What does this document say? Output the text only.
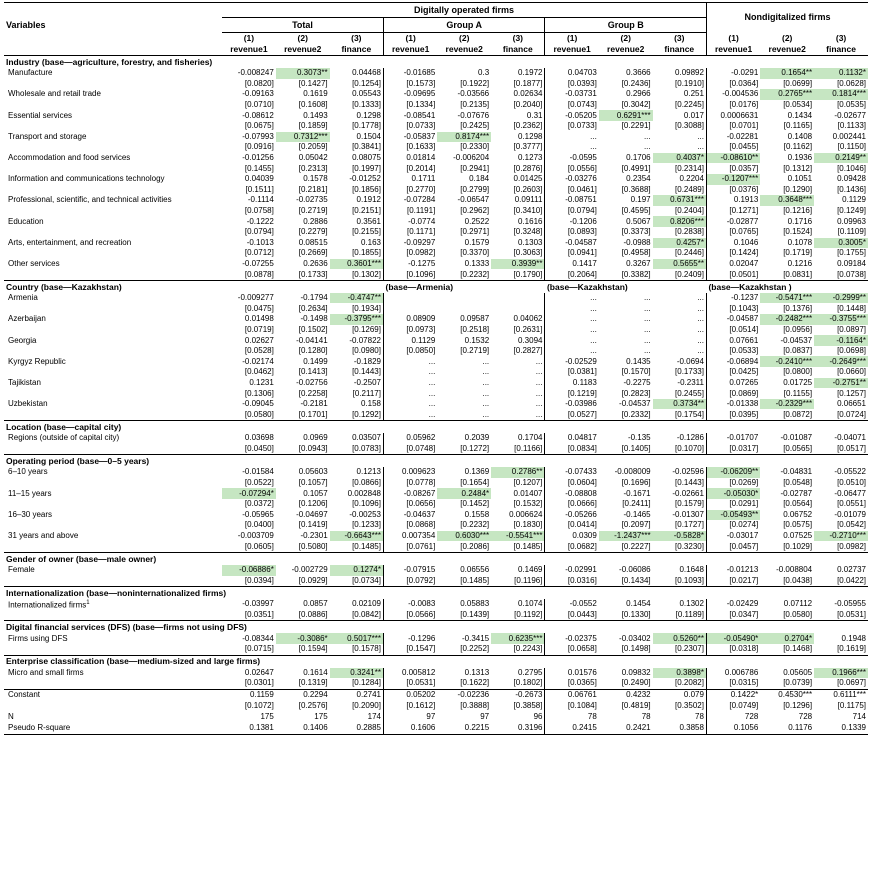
	Digitally operated firms									Nondigitalized firms		
Variables	Total			Group A			Group B					
	(1)	(2)	(3)	(1)	(2)	(3)	(1)	(2)	(3)	(1)	(2)	(3)
	revenue1	revenue2	finance	revenue1	revenue2	finance	revenue1	revenue2	finance	revenue1	revenue2	finance
Industry (base—agriculture, forestry, and fisheries)												
Manufacture	-0.008247	0.3073**	0.04468	-0.01685	0.3	0.1972	0.04703	0.3666	0.09892	-0.0291	0.1654**	0.1132*
	[0.0820]	[0.1427]	[0.1254]	[0.1573]	[0.1922]	[0.1877]	[0.0393]	[0.2436]	[0.1910]	[0.0364]	[0.0699]	[0.0628]
Wholesale and retail trade	-0.09163	0.1619	0.05543	-0.09695	-0.03566	0.02634	-0.03731	0.2966	0.251	-0.004536	0.2765***	0.1814***
	[0.0710]	[0.1608]	[0.1333]	[0.1334]	[0.2135]	[0.2040]	[0.0743]	[0.3042]	[0.2245]	[0.0176]	[0.0534]	[0.0535]
Essential services	-0.08612	0.1493	0.1298	-0.08541	-0.07676	0.31	-0.05205	0.6291***	0.017	0.0006631	0.1434	-0.02677
	[0.0675]	[0.1859]	[0.1778]	[0.0733]	[0.2425]	[0.2362]	[0.0733]	[0.2291]	[0.3088]	[0.0701]	[0.1165]	[0.1133]
Transport and storage	-0.07993	0.7312***	0.1504	-0.05837	0.8174***	0.1298	...	...	...	-0.02281	0.1408	0.002441
	[0.0916]	[0.2059]	[0.3841]	[0.1633]	[0.2330]	[0.3777]	...	...	...	[0.0455]	[0.1162]	[0.1150]
Accommodation and food services	-0.01256	0.05042	0.08075	0.01814	-0.006204	0.1273	-0.0595	0.1706	0.4037*	-0.08610**	0.1936	0.2149**
	[0.1455]	[0.2313]	[0.1997]	[0.2014]	[0.2941]	[0.2876]	[0.0556]	[0.4991]	[0.2314]	[0.0357]	[0.1312]	[0.1046]
Information and communications technology	0.04039	0.1578	-0.01252	0.1711	0.184	0.01425	-0.03276	0.2354	0.2204	-0.1207***	0.1051	0.09428
	[0.1511]	[0.2181]	[0.1856]	[0.2770]	[0.2799]	[0.2603]	[0.0461]	[0.3688]	[0.2489]	[0.0376]	[0.1290]	[0.1436]
Professional, scientific, and technical activities	-0.1114	-0.02735	0.1912	-0.07284	-0.06547	0.09111	-0.08751	0.197	0.6731***	0.1913	0.3648***	0.1129
	[0.0758]	[0.2719]	[0.2151]	[0.1191]	[0.2962]	[0.3410]	[0.0794]	[0.4595]	[0.2404]	[0.1271]	[0.1216]	[0.1249]
Education	-0.1222	0.2886	0.3561	-0.0774	0.2522	0.1616	-0.1206	0.5067	0.8206***	-0.02877	0.1716	0.09963
	[0.0794]	[0.2279]	[0.2155]	[0.1171]	[0.2971]	[0.3248]	[0.0893]	[0.3373]	[0.2838]	[0.0765]	[0.1524]	[0.1109]
Arts, entertainment, and recreation	-0.1013	0.08515	0.163	-0.09297	0.1579	0.1303	-0.04587	-0.0988	0.4257*	0.1046	0.1078	0.3005*
	[0.0712]	[0.2669]	[0.1855]	[0.0982]	[0.3370]	[0.3063]	[0.0941]	[0.4958]	[0.2446]	[0.1424]	[0.1719]	[0.1755]
Other services	-0.07255	0.2636	0.3601***	-0.1275	0.1333	0.3939**	0.1417	0.3267	0.5655**	0.02047	0.1216	0.09184
	[0.0878]	[0.1733]	[0.1302]	[0.1096]	[0.2232]	[0.1790]	[0.2064]	[0.3382]	[0.2409]	[0.0501]	[0.0831]	[0.0738]
Country (base—Kazakhstan)				(base—Armenia)			(base—Kazakhstan)			(base—Kazakhstan )		
Armenia	-0.009277	-0.1794	-0.4747**				...	...	...	-0.1237	-0.5471***	-0.2999**
	[0.0475]	[0.2634]	[0.1934]				...	...	...	[0.1043]	[0.1376]	[0.1448]
Azerbaijan	0.01498	-0.1498	-0.3795***	0.08909	0.09587	0.04062	...	...	...	-0.04587	-0.2482***	-0.3755***
	[0.0719]	[0.1502]	[0.1269]	[0.0973]	[0.2518]	[0.2631]	...	...	...	[0.0514]	[0.0956]	[0.0897]
Georgia	0.02627	-0.04141	-0.07822	0.1129	0.1532	0.3094	...	...	...	0.07661	-0.04537	-0.1164*
	[0.0528]	[0.1280]	[0.0980]	[0.0850]	[0.2719]	[0.2827]	...	...	...	[0.0533]	[0.0837]	[0.0698]
Kyrgyz Republic	-0.02174	0.1499	-0.1829	...	...	...	-0.02529	0.1435	-0.0694	-0.06894	-0.2410***	-0.2649***
	[0.0462]	[0.1413]	[0.1443]	...	...	...	[0.0381]	[0.1570]	[0.1733]	[0.0425]	[0.0800]	[0.0660]
Tajikistan	0.1231	-0.02756	-0.2507	...	...	...	0.1183	-0.2275	-0.2311	0.07265	0.01725	-0.2751**
	[0.1306]	[0.2258]	[0.2117]	...	...	...	[0.1219]	[0.2823]	[0.2455]	[0.0869]	[0.1155]	[0.1257]
Uzbekistan	-0.09045	-0.2181	0.158	...	...	...	-0.03986	-0.04537	0.3734**	-0.01338	-0.2329***	0.06651
	[0.0580]	[0.1701]	[0.1292]	...	...	...	[0.0527]	[0.2332]	[0.1754]	[0.0395]	[0.0872]	[0.0724]
Location (base—capital city)												
Regions (outside of capital city)	0.03698	0.0969	0.03507	0.05962	0.2039	0.1704	0.04817	-0.135	-0.1286	-0.01707	-0.01087	-0.04071
	[0.0450]	[0.0943]	[0.0783]	[0.0748]	[0.1272]	[0.1166]	[0.0834]	[0.1405]	[0.1070]	[0.0317]	[0.0565]	[0.0517]
Operating period (base—0–5 years)												
6–10 years	-0.01584	0.05603	0.1213	0.009623	0.1369	0.2786**	-0.07433	-0.008009	-0.02596	-0.06209**	-0.04831	-0.05522
	[0.0522]	[0.1057]	[0.0866]	[0.0778]	[0.1654]	[0.1207]	[0.0604]	[0.1696]	[0.1443]	[0.0269]	[0.0548]	[0.0510]
11–15 years	-0.07294*	0.1057	0.002848	-0.08267	0.2484*	0.01407	-0.08808	-0.1671	-0.02661	-0.05030*	-0.02787	-0.06477
	[0.0372]	[0.1206]	[0.1096]	[0.0656]	[0.1452]	[0.1532]	[0.0666]	[0.2411]	[0.1579]	[0.0291]	[0.0564]	[0.0551]
16–30 years	-0.05965	-0.04697	-0.00253	-0.04637	0.1558	0.006624	-0.05266	-0.1465	-0.01307	-0.05493**	0.06752	-0.01079
	[0.0400]	[0.1419]	[0.1233]	[0.0868]	[0.2232]	[0.1830]	[0.0414]	[0.2097]	[0.1727]	[0.0274]	[0.0575]	[0.0542]
31 years and above	-0.003709	-0.2301	-0.6643***	0.007354	0.6030***	-0.5541***	0.0309	-1.2437***	-0.5828*	-0.03017	0.07525	-0.2710***
	[0.0605]	[0.5080]	[0.1485]	[0.0761]	[0.2086]	[0.1485]	[0.0682]	[0.2227]	[0.3230]	[0.0457]	[0.1029]	[0.0982]
Gender of owner (base—male owner)												
Female	-0.06886*	-0.002729	0.1274*	-0.07915	0.06556	0.1469	-0.02991	-0.06086	0.1648	-0.01213	-0.008804	0.02737
	[0.0394]	[0.0929]	[0.0734]	[0.0792]	[0.1485]	[0.1196]	[0.0316]	[0.1434]	[0.1093]	[0.0217]	[0.0438]	[0.0422]
Internationalization (base—noninternationalized firms)												
Internationalized firms$^1$	-0.03997	0.0857	0.02109	-0.0083	0.05883	0.1074	-0.0552	0.1454	0.1302	-0.02429	0.07112	-0.05955
	[0.0351]	[0.0886]	[0.0842]	[0.0566]	[0.1439]	[0.1192]	[0.0443]	[0.1330]	[0.1189]	[0.0347]	[0.0580]	[0.0531]
Digital financial services (DFS) (base—firms not using DFS)												
Firms using DFS	-0.08344	-0.3086*	0.5017***	-0.1296	-0.3415	0.6235***	-0.02375	-0.03402	0.5260**	-0.05490*	0.2704*	0.1948
	[0.0715]	[0.1594]	[0.1578]	[0.1547]	[0.2252]	[0.2243]	[0.0658]	[0.1498]	[0.2307]	[0.0318]	[0.1468]	[0.1619]
Enterprise classification (base—medium-sized and large firms)												
Micro and small firms	0.02647	0.1614	0.3241**	0.005812	0.1313	0.2795	0.01576	0.09832	0.3898*	0.006786	0.05605	0.1966***
	[0.0301]	[0.1319]	[0.1284]	[0.0531]	[0.1622]	[0.1802]	[0.0365]	[0.2490]	[0.2082]	[0.0315]	[0.0739]	[0.0697]
Constant	0.1159	0.2294	0.2741	0.05202	-0.02236	-0.2673	0.06761	0.4232	0.079	0.1422*	0.4530***	0.6111***
	[0.1072]	[0.2576]	[0.2090]	[0.1612]	[0.3888]	[0.3858]	[0.1084]	[0.4819]	[0.3502]	[0.0749]	[0.1296]	[0.1175]
N	175	175	174	97	97	96	78	78	78	728	728	714
Pseudo R-square	0.1381	0.1406	0.2885	0.1606	0.2215	0.3196	0.2415	0.2421	0.3858	0.1056	0.1176	0.1339
